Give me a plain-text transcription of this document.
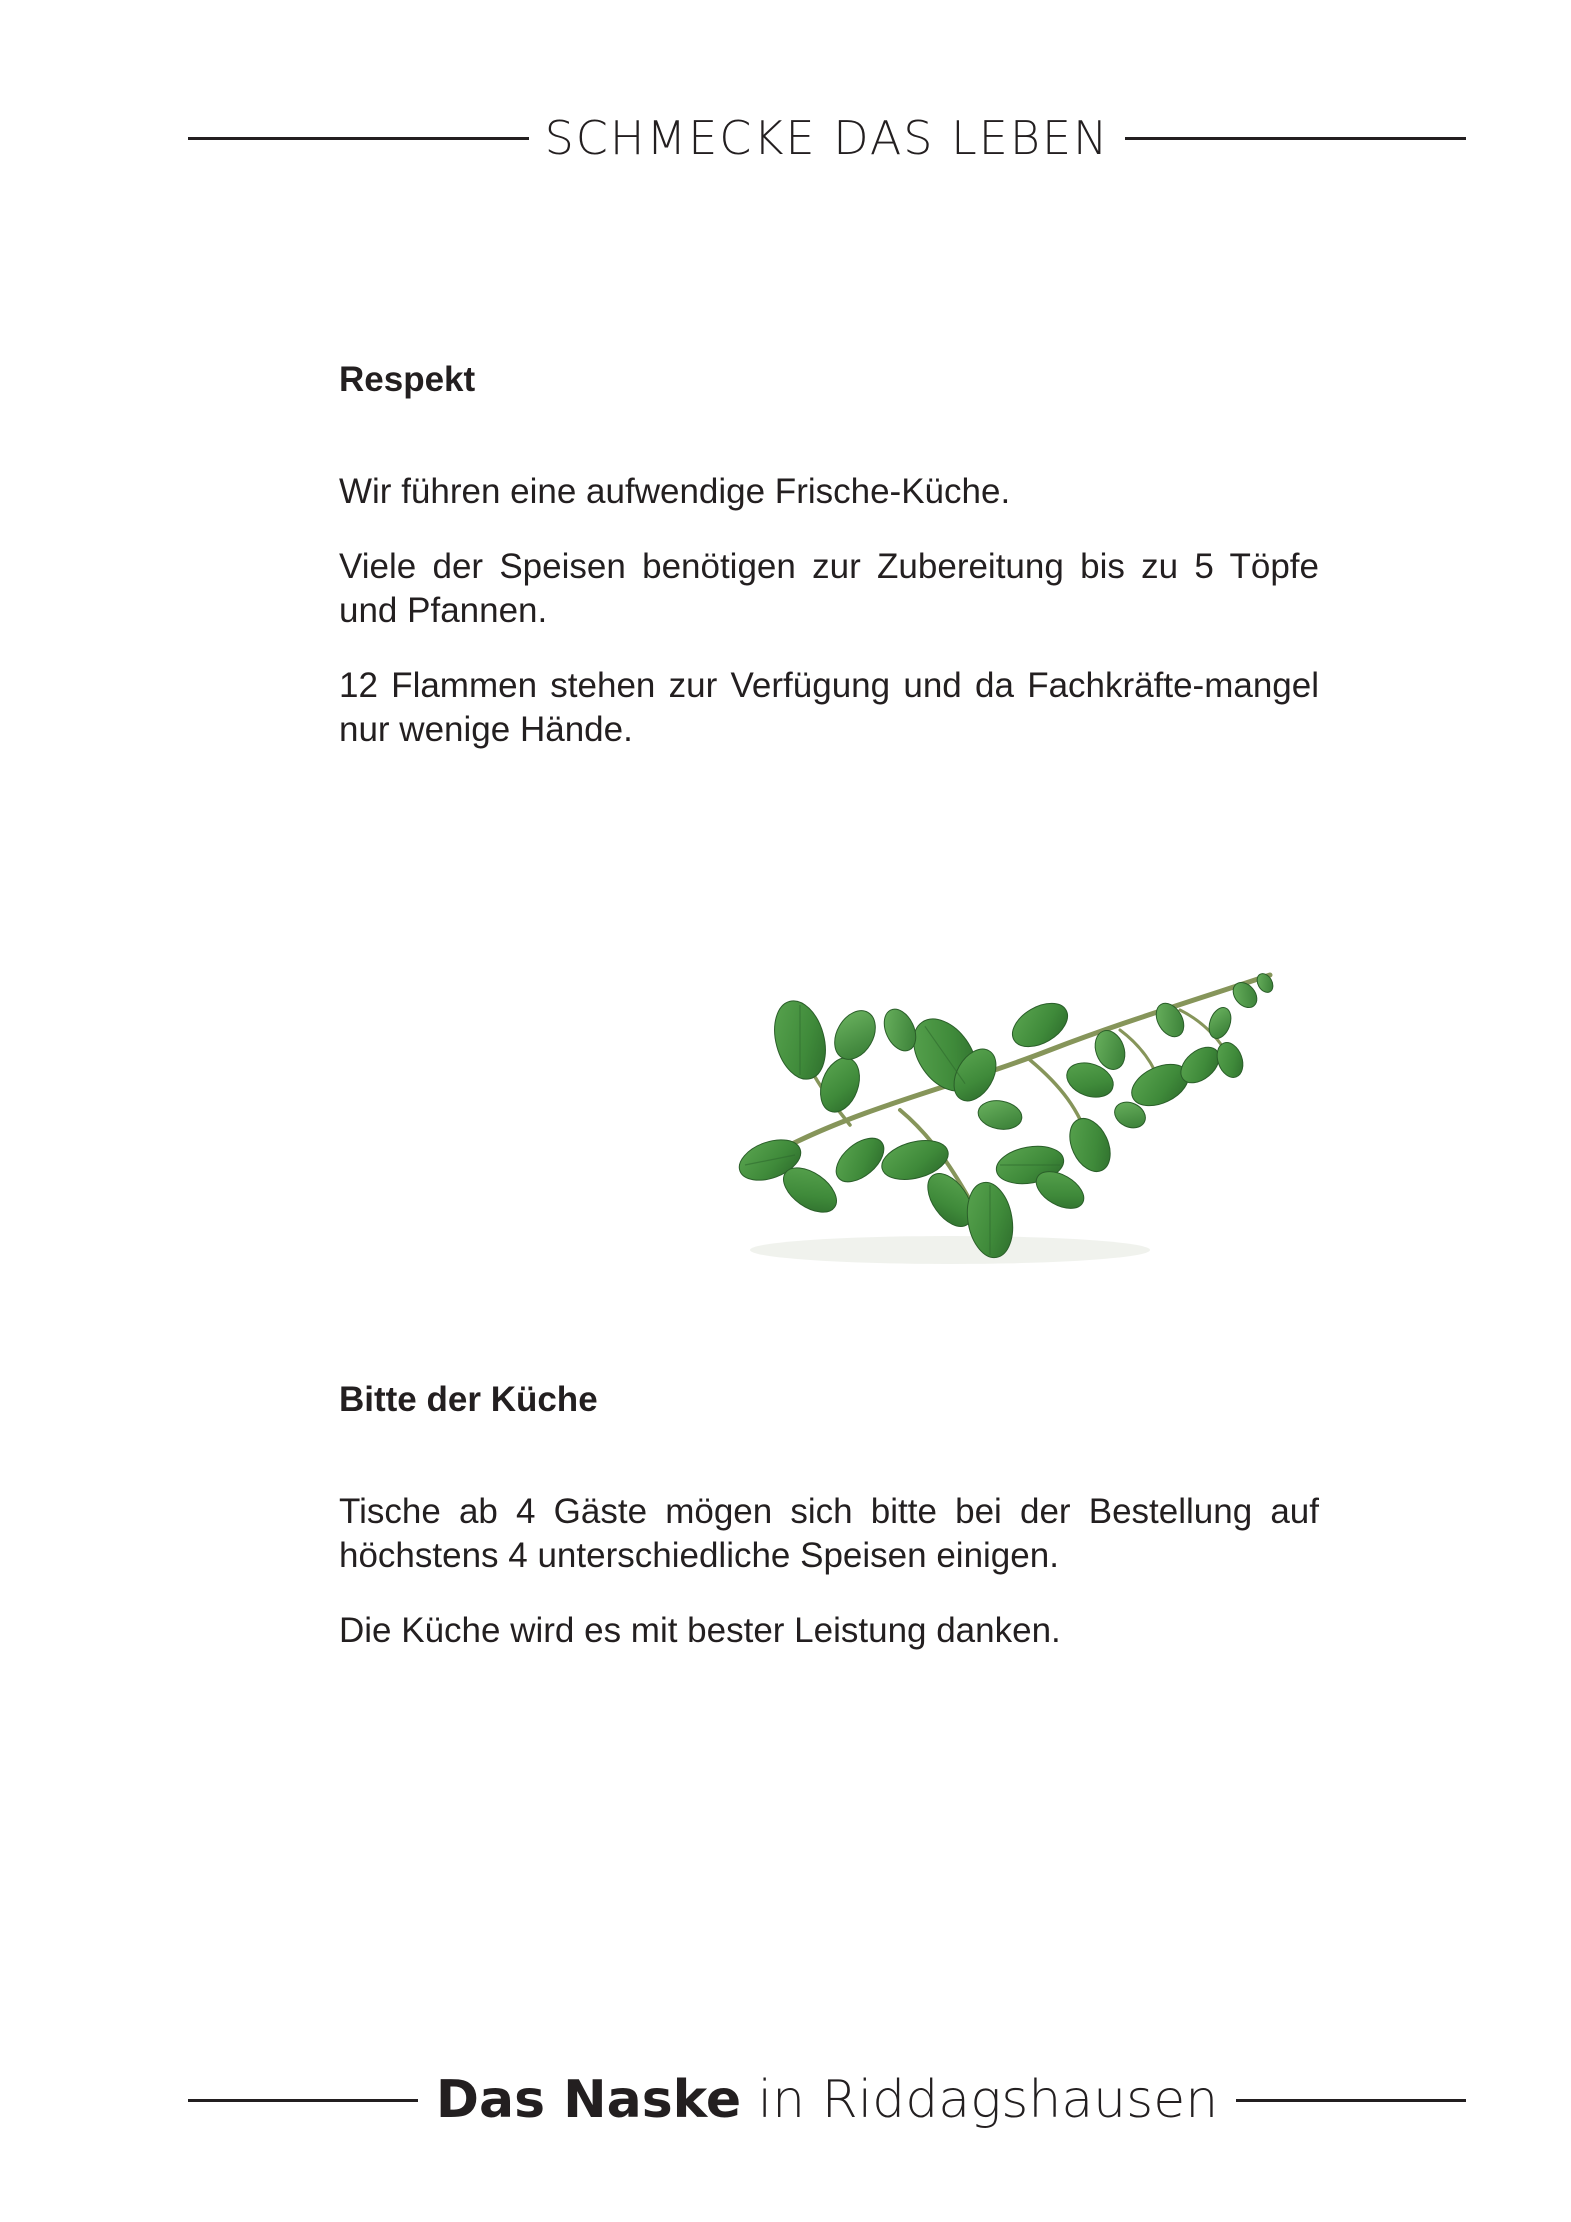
SCHMECKE DAS LEBEN
Respekt

Wir führen eine aufwendige Frische-Küche.

Viele der Speisen benötigen zur Zubereitung bis zu 5 Töpfe und Pfannen.

12 Flammen stehen zur Verfügung und da Fachkräfte-mangel nur wenige Hände.

Bitte der Küche

Tische ab 4 Gäste mögen sich bitte bei der Bestellung auf höchstens 4 unterschiedliche Speisen einigen.

Die Küche wird es mit bester Leistung danken.

Das Naske in Riddagshausen
